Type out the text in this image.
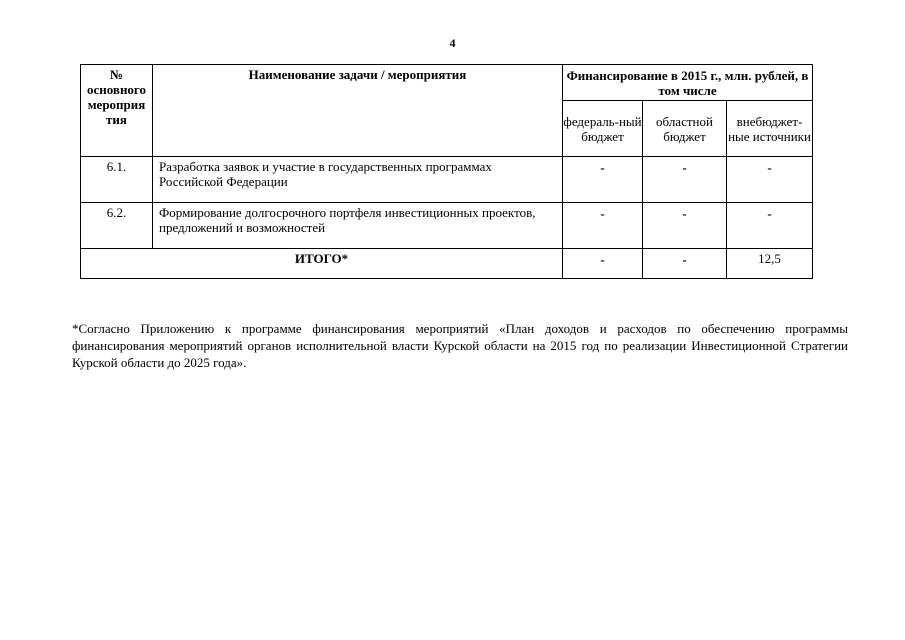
4
№ основного мероприя тия	Наименование задачи / мероприятия	Финансирование в 2015 г., млн. рублей, в том числе		
		федераль-ный бюджет	областной бюджет	внебюджет-ные источники
6.1.	Разработка заявок и участие в государственных программах Российской Федерации	-	-	-
6.2.	Формирование долгосрочного портфеля инвестиционных проектов, предложений и возможностей	-	-	-
ИТОГО*		-	-	12,5
*Согласно Приложению к программе финансирования мероприятий «План доходов и расходов по обеспечению программы финансирования мероприятий органов исполнительной власти Курской области на 2015 год по реализации Инвестиционной Стратегии Курской области до 2025 года».
